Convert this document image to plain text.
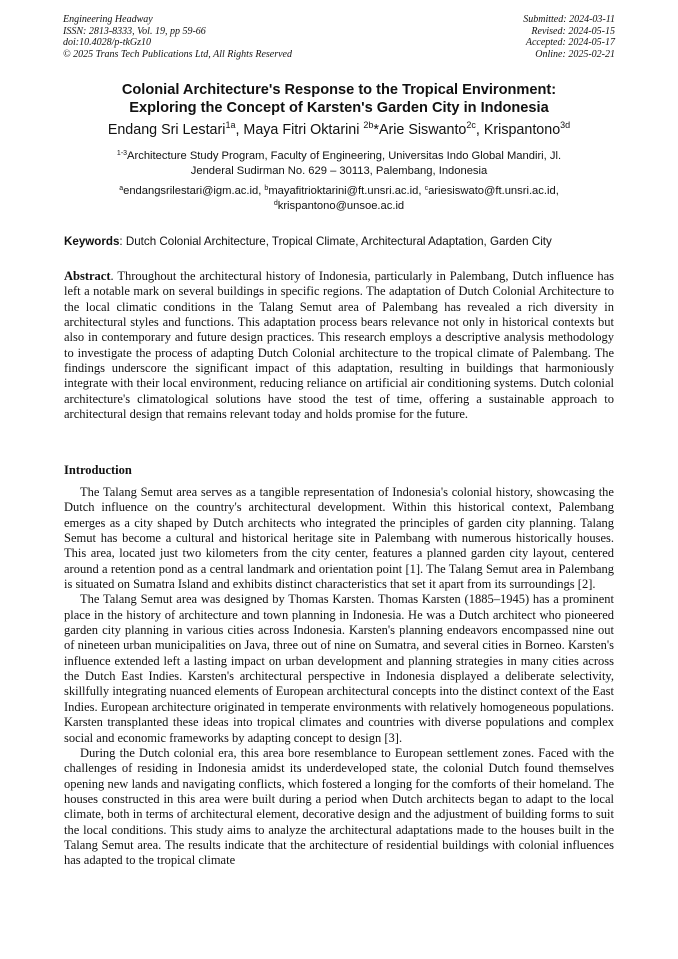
Engineering Headway
ISSN: 2813-8333, Vol. 19, pp 59-66
doi:10.4028/p-tkGz10
© 2025 Trans Tech Publications Ltd, All Rights Reserved
Submitted: 2024-03-11
Revised: 2024-05-15
Accepted: 2024-05-17
Online: 2025-02-21
Colonial Architecture's Response to the Tropical Environment:
Exploring the Concept of Karsten's Garden City in Indonesia
Endang Sri Lestari$^{1a}$, Maya Fitri Oktarini $^{2b}$*Arie Siswanto$^{2c}$, Krispantono$^{3d}$
$^{1-3}$Architecture Study Program, Faculty of Engineering, Universitas Indo Global Mandiri, Jl.
Jenderal Sudirman No. 629 – 30113, Palembang, Indonesia
$^a$endangsrilestari@igm.ac.id, $^b$mayafitrioktarini@ft.unsri.ac.id, $^c$ariesiswato@ft.unsri.ac.id,
$^d$krispantono@unsoe.ac.id
Keywords: Dutch Colonial Architecture, Tropical Climate, Architectural Adaptation, Garden City
Abstract. Throughout the architectural history of Indonesia, particularly in Palembang, Dutch influence has left a notable mark on several buildings in specific regions. The adaptation of Dutch Colonial Architecture to the local climatic conditions in the Talang Semut area of Palembang has revealed a rich diversity in architectural styles and functions. This adaptation process bears relevance not only in historical contexts but also in contemporary and future design practices. This research employs a descriptive analysis methodology to investigate the process of adapting Dutch Colonial architecture to the tropical climate of Palembang. The findings underscore the significant impact of this adaptation, resulting in buildings that harmoniously integrate with their local environment, reducing reliance on artificial air conditioning systems. Dutch colonial architecture's climatological solutions have stood the test of time, offering a sustainable approach to architectural design that remains relevant today and holds promise for the future.
Introduction

The Talang Semut area serves as a tangible representation of Indonesia's colonial history, showcasing the Dutch influence on the country's architectural development. Within this historical context, Palembang emerges as a city shaped by Dutch architects who integrated the principles of garden city planning. Talang Semut has become a cultural and historical heritage site in Palembang with numerous historically houses. This area, located just two kilometers from the city center, features a planned garden city layout, centered around a retention pond as a central landmark and orientation point [1]. The Talang Semut area in Palembang is situated on Sumatra Island and exhibits distinct characteristics that set it apart from its surroundings [2].

The Talang Semut area was designed by Thomas Karsten. Thomas Karsten (1885–1945) has a prominent place in the history of architecture and town planning in Indonesia. He was a Dutch architect who pioneered garden city planning in various cities across Indonesia. Karsten's planning endeavors encompassed nine out of nineteen urban municipalities on Java, three out of nine on Sumatra, and several cities in Borneo. Karsten's influence extended left a lasting impact on urban development and planning strategies in many cities across the Dutch East Indies. Karsten's architectural perspective in Indonesia displayed a deliberate selectivity, skillfully integrating nuanced elements of European architectural concepts into the distinct context of the East Indies. European architecture originated in temperate environments with relatively homogeneous populations. Karsten transplanted these ideas into tropical climates and countries with diverse populations and complex social and economic frameworks by adapting concept to design [3].

During the Dutch colonial era, this area bore resemblance to European settlement zones. Faced with the challenges of residing in Indonesia amidst its underdeveloped state, the colonial Dutch found themselves opening new lands and navigating conflicts, which fostered a longing for the comforts of their homeland. The houses constructed in this area were built during a period when Dutch architects began to adapt to the local climate, both in terms of architectural element, decorative design and the adjustment of building forms to suit the local conditions. This study aims to analyze the architectural adaptations made to the houses built in the Talang Semut area. The results indicate that the architecture of residential buildings with colonial influences has adapted to the tropical climate
